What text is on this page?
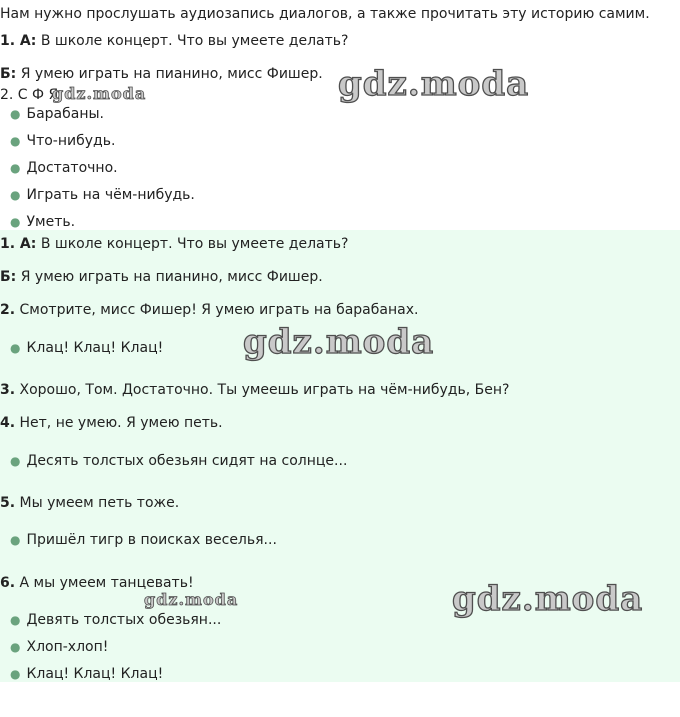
Нам нужно прослушать аудиозапись диалогов, а также прочитать эту историю самим.
1. А: В школе концерт. Что вы умеете делать?
Б: Я умею играть на пианино, мисс Фишер.
2. С Ф Я
● Барабаны.
● Что-нибудь.
● Достаточно.
● Играть на чём-нибудь.
● Уметь.
1. А: В школе концерт. Что вы умеете делать?
Б: Я умею играть на пианино, мисс Фишер.
2. Смотрите, мисс Фишер! Я умею играть на барабанах.
● Клац! Клац! Клац!
3. Хорошо, Том. Достаточно. Ты умеешь играть на чём-нибудь, Бен?
4. Нет, не умею. Я умею петь.
● Десять толстых обезьян сидят на солнце...
5. Мы умеем петь тоже.
● Пришёл тигр в поисках веселья...
6. А мы умеем танцевать!
● Девять толстых обезьян...
● Хлоп-хлоп!
● Клац! Клац! Клац!
gdz.moda
gdz.moda
gdz.moda
gdz.moda
gdz.moda
